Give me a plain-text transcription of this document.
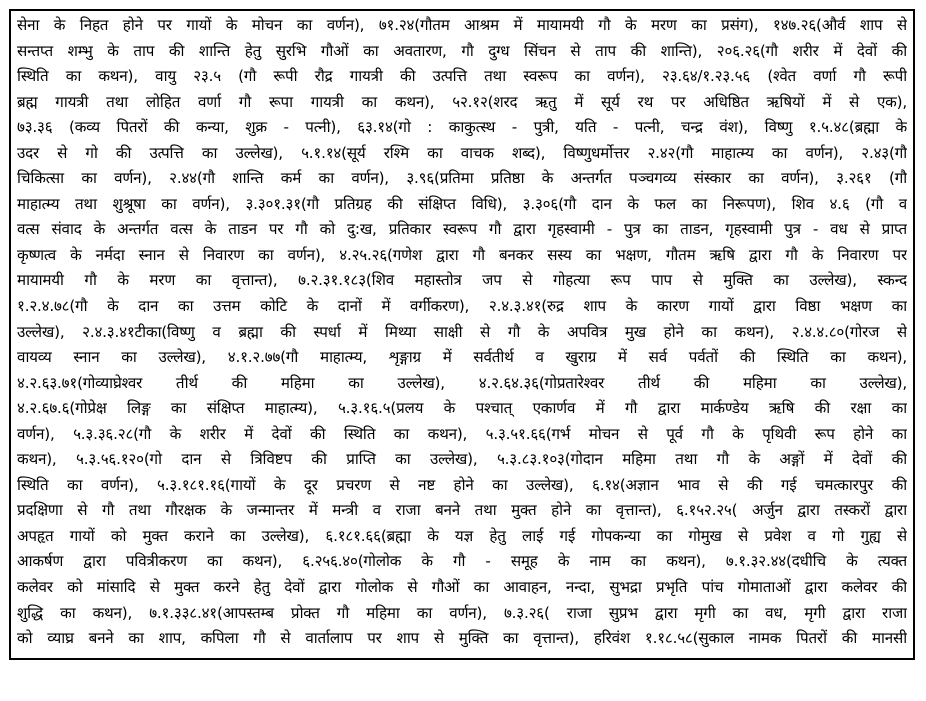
सेना के निहत होने पर गायों के मोचन का वर्णन), ७१.२४(गौतम आश्रम में मायामयी गौ के मरण का प्रसंग), १४७.२६(और्व शाप से
सन्तप्त शम्भु के ताप की शान्ति हेतु सुरभि गौओं का अवतारण, गौ दुग्ध सिंचन से ताप की शान्ति), २०६.२६(गौ शरीर में देवों की
स्थिति का कथन), वायु २३.५ (गौ रूपी रौद्र गायत्री की उत्पत्ति तथा स्वरूप का वर्णन), २३.६४/१.२३.५६ (श्वेत वर्णा गौ रूपी
ब्रह्म गायत्री तथा लोहित वर्णा गौ रूपा गायत्री का कथन), ५२.१२(शरद ऋतु में सूर्य रथ पर अधिष्ठित ऋषियों में से एक),
७३.३६ (कव्य पितरों की कन्या, शुक्र - पत्नी), ६३.१४(गो : काकुत्स्थ - पुत्री, यति - पत्नी, चन्द्र वंश), विष्णु १.५.४८(ब्रह्मा के
उदर से गो की उत्पत्ति का उल्लेख), ५.१.१४(सूर्य रश्मि का वाचक शब्द), विष्णुधर्मोत्तर २.४२(गौ माहात्म्य का वर्णन), २.४३(गौ
चिकित्सा का वर्णन), २.४४(गौ शान्ति कर्म का वर्णन), ३.९६(प्रतिमा प्रतिष्ठा के अन्तर्गत पञ्चगव्य संस्कार का वर्णन), ३.२६१ (गौ
माहात्म्य तथा शुश्रूषा का वर्णन), ३.३०१.३१(गौ प्रतिग्रह की संक्षिप्त विधि), ३.३०६(गौ दान के फल का निरूपण), शिव ४.६ (गौ व
वत्स संवाद के अन्तर्गत वत्स के ताडन पर गौ को दु:ख, प्रतिकार स्वरूप गौ द्वारा गृहस्वामी - पुत्र का ताडन, गृहस्वामी पुत्र - वध से प्राप्त
कृष्णत्व के नर्मदा स्नान से निवारण का वर्णन), ४.२५.२६(गणेश द्वारा गौ बनकर सस्य का भक्षण, गौतम ऋषि द्वारा गौ के निवारण पर
मायामयी गौ के मरण का वृत्तान्त), ७.२.३१.१८३(शिव महास्तोत्र जप से गोहत्या रूप पाप से मुक्ति का उल्लेख), स्कन्द
१.२.४.७८(गौ के दान का उत्तम कोटि के दानों में वर्गीकरण), २.४.३.४१(रुद्र शाप के कारण गायों द्वारा विष्ठा भक्षण का
उल्लेख), २.४.३.४१टीका(विष्णु व ब्रह्मा की स्पर्धा में मिथ्या साक्षी से गौ के अपवित्र मुख होने का कथन), २.४.४.८०(गोरज से
वायव्य स्नान का उल्लेख), ४.१.२.७७(गौ माहात्म्य, शृङ्गाग्र में सर्वतीर्थ व खुराग्र में सर्व पर्वतों की स्थिति का कथन),
४.२.६३.७१(गोव्याघ्रेश्वर तीर्थ की महिमा का उल्लेख), ४.२.६४.३६(गोप्रतारेश्वर तीर्थ की महिमा का उल्लेख),
४.२.६७.६(गोप्रेक्ष लिङ्ग का संक्षिप्त माहात्म्य), ५.३.१६.५(प्रलय के पश्चात् एकार्णव में गौ द्वारा मार्कण्डेय ऋषि की रक्षा का
वर्णन), ५.३.३६.२८(गौ के शरीर में देवों की स्थिति का कथन), ५.३.५१.६६(गर्भ मोचन से पूर्व गौ के पृथिवी रूप होने का
कथन), ५.३.५६.१२०(गो दान से त्रिविष्टप की प्राप्ति का उल्लेख), ५.३.८३.१०३(गोदान महिमा तथा गौ के अङ्गों में देवों की
स्थिति का वर्णन), ५.३.१८१.१६(गायों के दूर प्रचरण से नष्ट होने का उल्लेख), ६.१४(अज्ञान भाव से की गई चमत्कारपुर की
प्रदक्षिणा से गौ तथा गौरक्षक के जन्मान्तर में मन्त्री व राजा बनने तथा मुक्त होने का वृत्तान्त), ६.१५२.२५( अर्जुन द्वारा तस्करों द्वारा
अपहृत गायों को मुक्त कराने का उल्लेख), ६.१८१.६६(ब्रह्मा के यज्ञ हेतु लाई गई गोपकन्या का गोमुख से प्रवेश व गो गुह्य से
आकर्षण द्वारा पवित्रीकरण का कथन), ६.२५६.४०(गोलोक के गौ - समूह के नाम का कथन), ७.१.३२.४४(दधीचि के त्यक्त
कलेवर को मांसादि से मुक्त करने हेतु देवों द्वारा गोलोक से गौओं का आवाहन, नन्दा, सुभद्रा प्रभृति पांच गोमाताओं द्वारा कलेवर की
शुद्धि का कथन), ७.१.३३८.४१(आपस्तम्ब प्रोक्त गौ महिमा का वर्णन), ७.३.२६( राजा सुप्रभ द्वारा मृगी का वध, मृगी द्वारा राजा
को व्याघ्र बनने का शाप, कपिला गौ से वार्तालाप पर शाप से मुक्ति का वृत्तान्त), हरिवंश १.१८.५८(सुकाल नामक पितरों की मानसी
